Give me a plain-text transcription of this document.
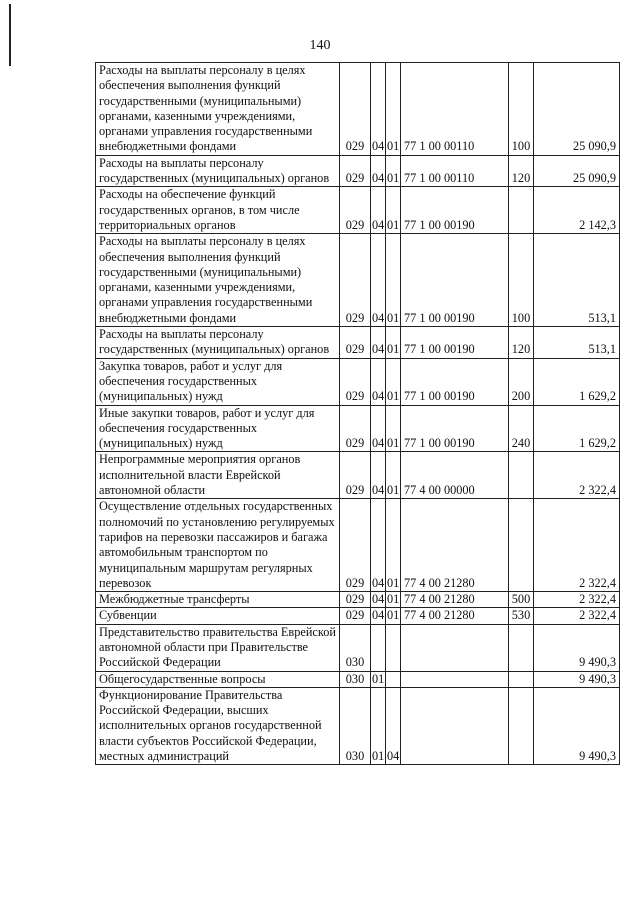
140
Расходы на выплаты персоналу в целях обеспечения выполнения функций государственными (муниципальными) органами, казенными учреждениями, органами управления государственными внебюджетными фондами	029	04	01	77 1 00 00110	100	25 090,9
Расходы на выплаты персоналу государственных (муниципальных) органов	029	04	01	77 1 00 00110	120	25 090,9
Расходы на обеспечение функций государственных органов, в том числе территориальных органов	029	04	01	77 1 00 00190		2 142,3
Расходы на выплаты персоналу в целях обеспечения выполнения функций государственными (муниципальными) органами, казенными учреждениями, органами управления государственными внебюджетными фондами	029	04	01	77 1 00 00190	100	513,1
Расходы на выплаты персоналу государственных (муниципальных) органов	029	04	01	77 1 00 00190	120	513,1
Закупка товаров, работ и услуг для обеспечения государственных (муниципальных) нужд	029	04	01	77 1 00 00190	200	1 629,2
Иные закупки товаров, работ и услуг для обеспечения государственных (муниципальных) нужд	029	04	01	77 1 00 00190	240	1 629,2
Непрограммные мероприятия органов исполнительной власти Еврейской автономной области	029	04	01	77 4 00 00000		2 322,4
Осуществление отдельных государственных полномочий по установлению регулируемых тарифов на перевозки пассажиров и багажа автомобильным транспортом по муниципальным маршрутам регулярных перевозок	029	04	01	77 4 00 21280		2 322,4
Межбюджетные трансферты	029	04	01	77 4 00 21280	500	2 322,4
Субвенции	029	04	01	77 4 00 21280	530	2 322,4
Представительство правительства Еврейской автономной области при Правительстве Российской Федерации	030					9 490,3
Общегосударственные вопросы	030	01				9 490,3
Функционирование Правительства Российской Федерации, высших исполнительных органов государственной власти субъектов Российской Федерации, местных администраций	030	01	04			9 490,3
